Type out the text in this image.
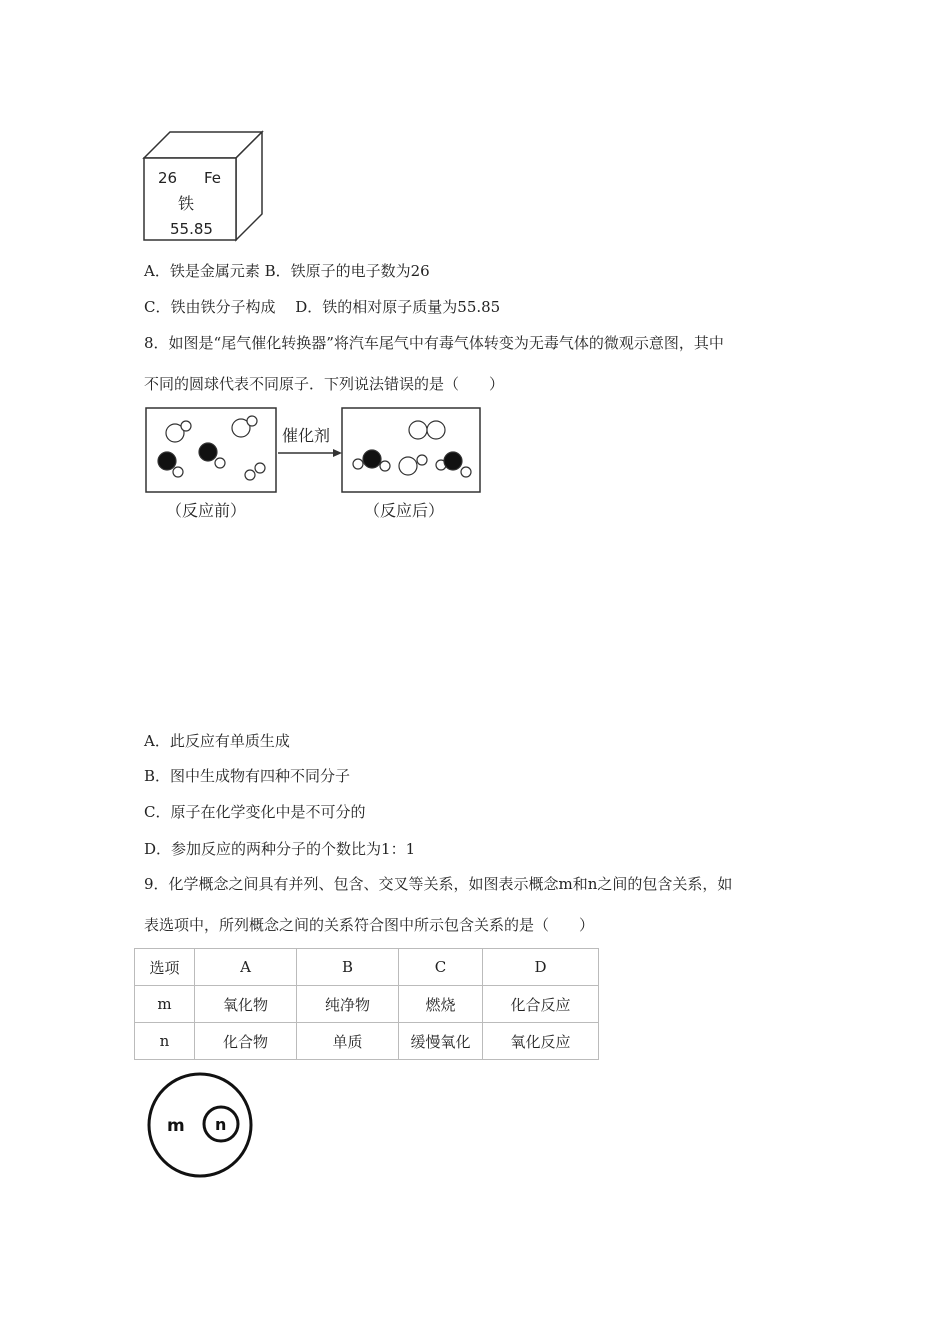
26 Fe
铁
55.85
A．铁是金属元素 B．铁原子的电子数为26
C．铁由铁分子构成　 D．铁的相对原子质量为55.85
8．如图是“尾气催化转换器”将汽车尾气中有毒气体转变为无毒气体的微观示意图，其中
不同的圆球代表不同原子．下列说法错误的是（　　）
催化剂
（反应前）	（反应后）
A．此反应有单质生成
B．图中生成物有四种不同分子
C．原子在化学变化中是不可分的
D．参加反应的两种分子的个数比为1：1
9．化学概念之间具有并列、包含、交叉等关系，如图表示概念m和n之间的包含关系，如
表选项中，所列概念之间的关系符合图中所示包含关系的是（　　）
选项	A	B	C	D
m	氧化物	纯净物	燃烧	化合反应
n	化合物	单质	缓慢氧化	氧化反应
m n
